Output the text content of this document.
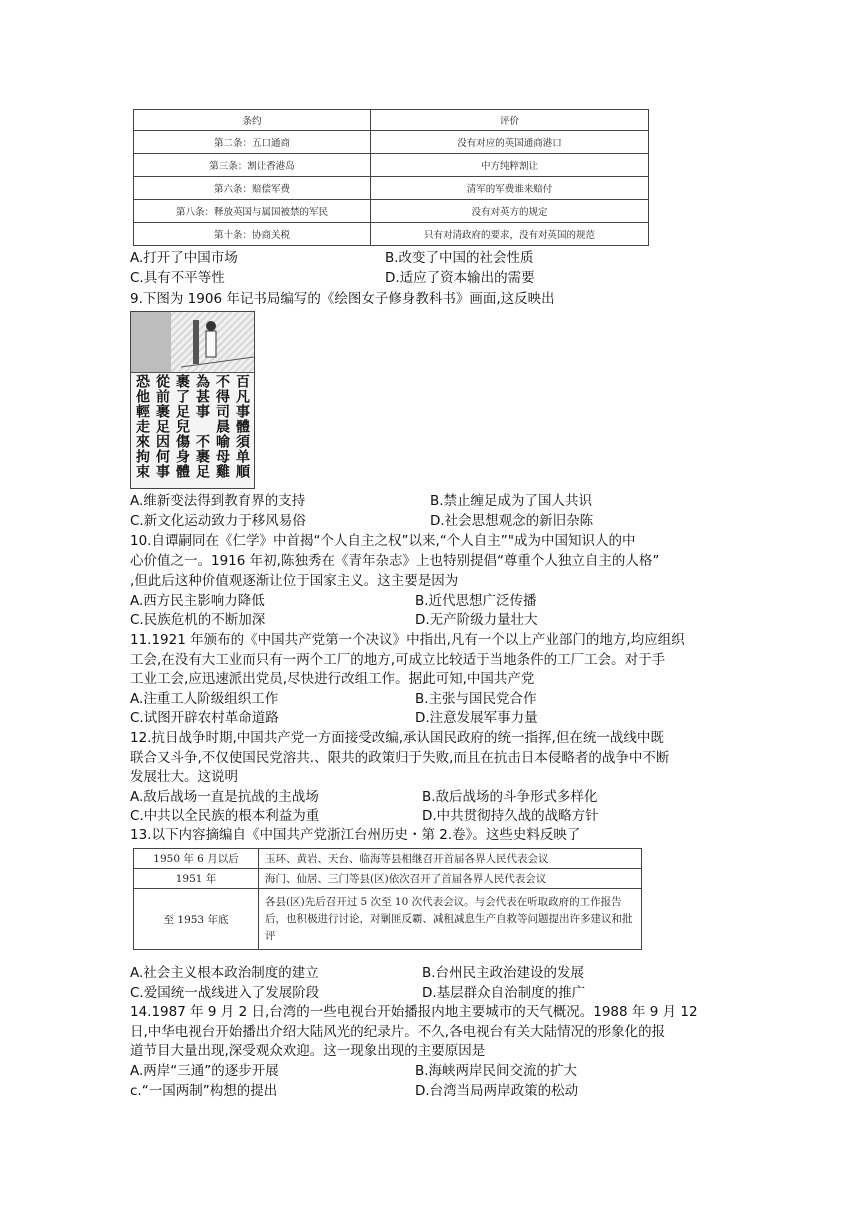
条约	评价
第二条：五口通商	没有对应的英国通商港口
第三条：割让香港岛	中方纯粹割让
第六条：赔偿军费	清军的军费谁来赔付
第八条：释放英国与属国被禁的军民	没有对英方的规定
第十条：协商关税	只有对清政府的要求，没有对英国的规范
A.打开了中国市场	B.改变了中国的社会性质
C.具有不平等性	D.适应了资本输出的需要
9.下图为 1906 年记书局编写的《绘图女子修身教科书》画面,这反映出
百凡事體須单順
不得司晨喻母雞
為甚事　不裹足
裹了足兒傷身體
從前裹足因何事
恐他輕走來拘束
A.维新变法得到教育界的支持	B.禁止缠足成为了国人共识
C.新文化运动致力于移风易俗	D.社会思想观念的新旧杂陈
10.自谭嗣同在《仁学》中首揭“个人自主之权”以来,“个人自主”"成为中国知识人的中
心价值之一。1916 年初,陈独秀在《青年杂志》上也特别提倡“尊重个人独立自主的人格”
,但此后这种价值观逐渐让位于国家主义。这主要是因为
A.西方民主影响力降低	B.近代思想广泛传播
C.民族危机的不断加深	D.无产阶级力量壮大
11.1921 年颁布的《中国共产党第一个决议》中指出,凡有一个以上产业部门的地方,均应组织
工会,在没有大工业而只有一两个工厂的地方,可成立比较适于当地条件的工厂工会。对于手
工业工会,应迅速派出党员,尽快进行改组工作。据此可知,中国共产党
A.注重工人阶级组织工作	B.主张与国民党合作
C.试图开辟农村革命道路	D.注意发展军事力量
12.抗日战争时期,中国共产党一方面接受改编,承认国民政府的统一指挥,但在统一战线中既
联合又斗争,不仅使国民党溶共.、限共的政策归于失败,而且在抗击日本侵略者的战争中不断
发展壮大。这说明
A.敌后战场一直是抗战的主战场	B.敌后战场的斗争形式多样化
C.中共以全民族的根本利益为重	D.中共贯彻持久战的战略方针
13.以下内容摘编自《中国共产党浙江台州历史・第 2.卷》。这些史料反映了
1950 年 6 月以后	玉环、黄岩、天台、临海等县相继召开首届各界人民代表会议
1951 年	海门、仙居、三门等县(区)依次召开了首届各界人民代表会议
至 1953 年底	各县(区)先后召开过 5 次至 10 次代表会议。与会代表在听取政府的工作报告后，也积极进行讨论，对剿匪反霸、减租减息生产自救等问题提出许多建议和批评
A.社会主义根本政治制度的建立	B.台州民主政治建设的发展
C.爱国统一战线进入了发展阶段	D.基层群众自治制度的推广
14.1987 年 9 月 2 日,台湾的一些电视台开始播报内地主要城市的天气概况。1988 年 9 月 12
日,中华电视台开始播出介绍大陆风光的纪录片。不久,各电视台有关大陆情况的形象化的报
道节目大量出现,深受观众欢迎。这一现象出现的主要原因是
A.两岸“三通”的逐步开展	B.海峡两岸民间交流的扩大
c.“一国两制”构想的提出	D.台湾当局两岸政策的松动
